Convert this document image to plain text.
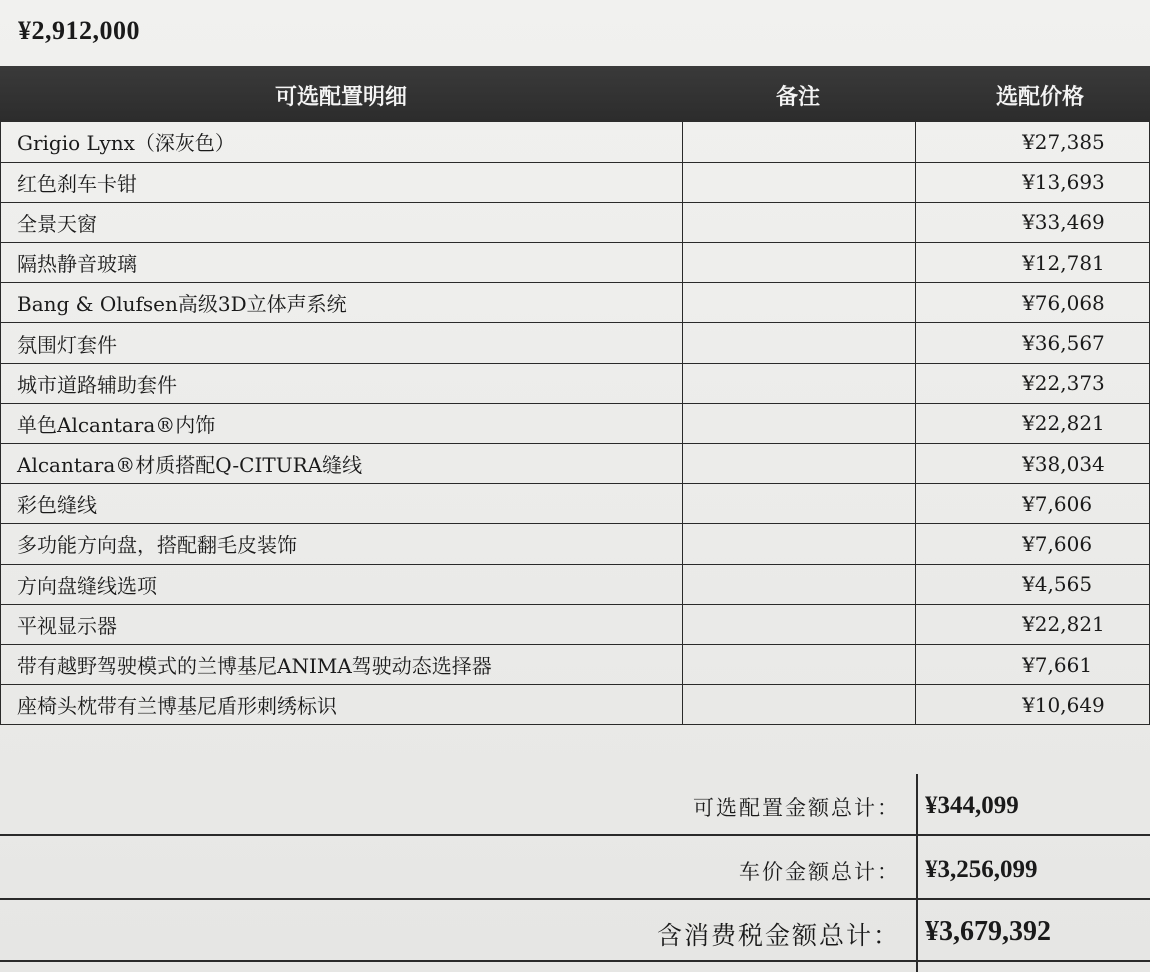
¥2,912,000
可选配置明细	备注	选配价格
Grigio Lynx（深灰色）		¥27,385
红色刹车卡钳		¥13,693
全景天窗		¥33,469
隔热静音玻璃		¥12,781
Bang & Olufsen高级3D立体声系统		¥76,068
氛围灯套件		¥36,567
城市道路辅助套件		¥22,373
单色Alcantara®内饰		¥22,821
Alcantara®材质搭配Q-CITURA缝线		¥38,034
彩色缝线		¥7,606
多功能方向盘，搭配翻毛皮装饰		¥7,606
方向盘缝线选项		¥4,565
平视显示器		¥22,821
带有越野驾驶模式的兰博基尼ANIMA驾驶动态选择器		¥7,661
座椅头枕带有兰博基尼盾形刺绣标识		¥10,649
可选配置金额总计： ¥344,099
车价金额总计： ¥3,256,099
含消费税金额总计： ¥3,679,392
